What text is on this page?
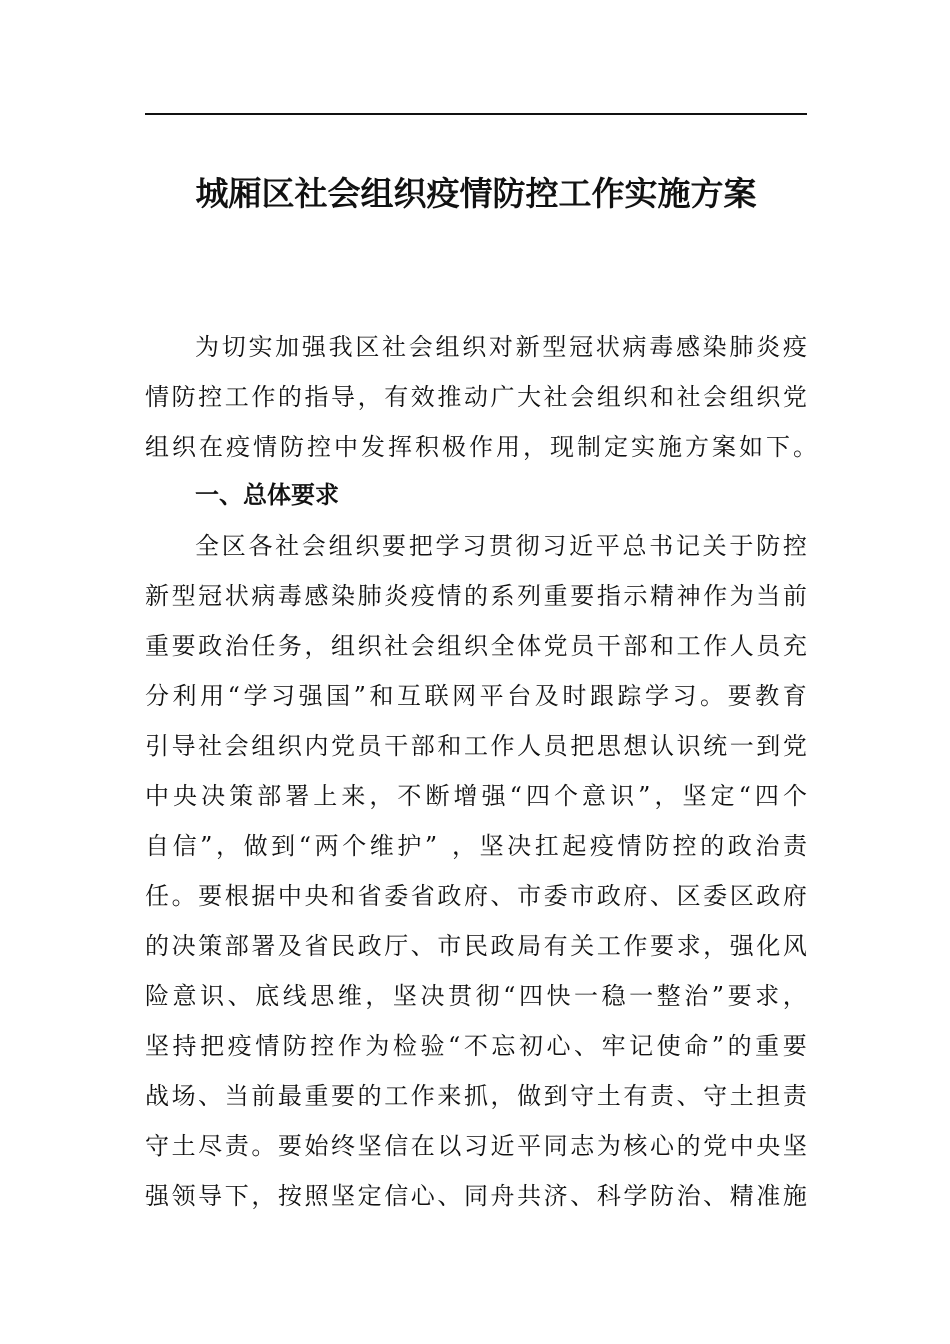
城厢区社会组织疫情防控工作实施方案
为 切 实 加 强 我 区 社 会 组 织 对 新 型 冠 状 病 毒 感 染 肺 炎 疫
情 防 控 工 作 的 指 导 ， 有 效 推 动 广 大 社 会 组 织 和 社 会 组 织 党
组织在疫情防控中发挥积极作用，现制定实施方案如下。
一、总体要求
全 区 各 社 会 组 织 要 把 学 习 贯 彻 习 近 平 总 书 记 关 于 防 控
新 型 冠 状 病 毒 感 染 肺 炎 疫 情 的 系 列 重 要 指 示 精 神 作 为 当 前
重 要 政 治 任 务 ， 组 织 社 会 组 织 全 体 党 员 干 部 和 工 作 人 员 充
分 利 用 “ 学 习 强 国 ” 和 互 联 网 平 台 及 时 跟 踪 学 习 。 要 教 育
引 导 社 会 组 织 内 党 员 干 部 和 工 作 人 员 把 思 想 认 识 统 一 到 党
中 央 决 策 部 署 上 来 ， 不 断 增 强 “ 四 个 意 识 ” ， 坚 定 “ 四 个
自 信 ” ， 做 到 “ 两 个 维 护 ”
， 坚 决 扛 起 疫 情 防 控 的 政 治 责
任 。 要 根 据 中 央 和 省 委 省 政 府 、 市 委 市 政 府 、 区 委 区 政 府
的 决 策 部 署 及 省 民 政 厅 、 市 民 政 局 有 关 工 作 要 求 ， 强 化 风
险 意 识 、 底 线 思 维 ， 坚 决 贯 彻 “ 四 快 一 稳 一 整 治 ” 要 求 ，
坚 持 把 疫 情 防 控 作 为 检 验 “ 不 忘 初 心 、 牢 记 使 命 ” 的 重 要
战 场 、 当 前 最 重 要 的 工 作 来 抓 ， 做 到 守 土 有 责 、 守 土 担 责
守 土 尽 责 。 要 始 终 坚 信 在 以 习 近 平 同 志 为 核 心 的 党 中 央 坚
强 领 导 下 ， 按 照 坚 定 信 心 、 同 舟 共 济 、 科 学 防 治 、 精 准 施
